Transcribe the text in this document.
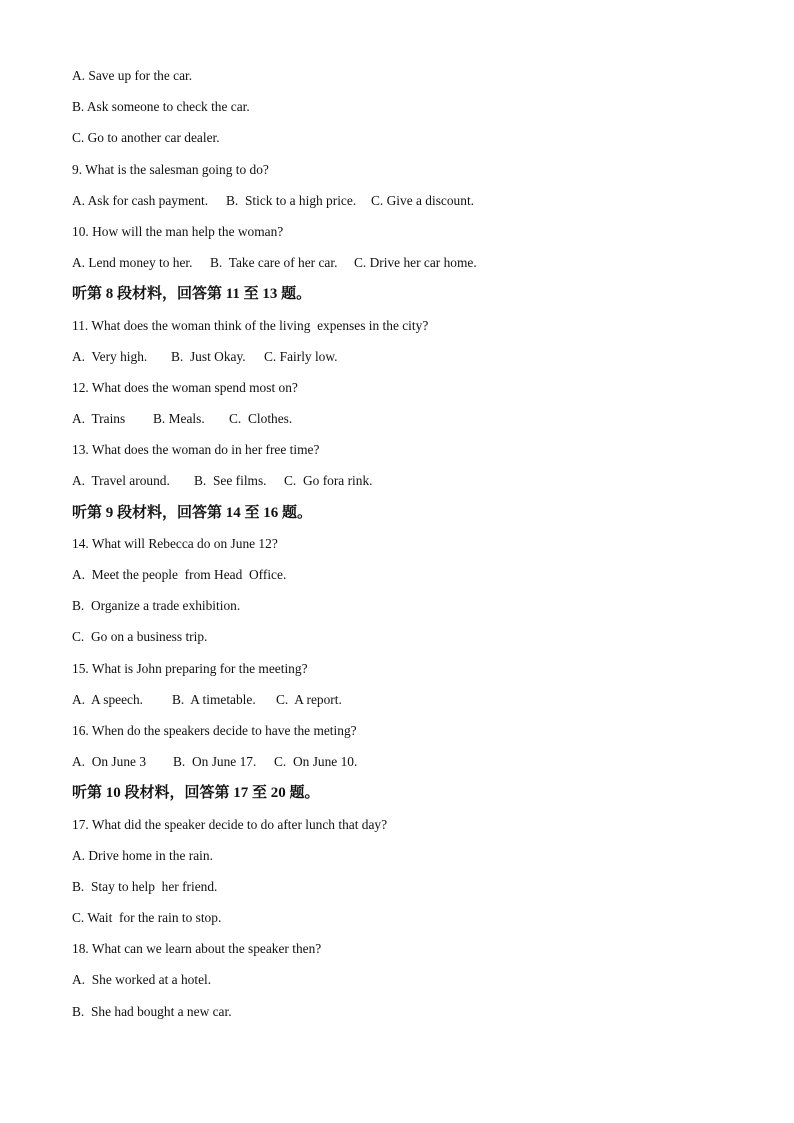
A. Save up for the car.
B. Ask someone to check the car.
C. Go to another car dealer.
9. What is the salesman going to do?
A. Ask for cash payment. B.  Stick to a high price. C. Give a discount.
10. How will the man help the woman?
A. Lend money to her. B.  Take care of her car. C. Drive her car home.
听第 8 段材料，回答第 11 至 13 题。
11. What does the woman think of the living  expenses in the city?
A.  Very high. B.  Just Okay. C. Fairly low.
12. What does the woman spend most on?
A.  Trains B. Meals. C.  Clothes.
13. What does the woman do in her free time?
A.  Travel around. B.  See films. C.  Go fora rink.
听第 9 段材料，回答第 14 至 16 题。
14. What will Rebecca do on June 12?
A.  Meet the people  from Head  Office.
B.  Organize a trade exhibition.
C.  Go on a business trip.
15. What is John preparing for the meeting?
A.  A speech. B.  A timetable. C.  A report.
16. When do the speakers decide to have the meting?
A.  On June 3 B.  On June 17. C.  On June 10.
听第 10 段材料，回答第 17 至 20 题。
17. What did the speaker decide to do after lunch that day?
A. Drive home in the rain.
B.  Stay to help  her friend.
C. Wait  for the rain to stop.
18. What can we learn about the speaker then?
A.  She worked at a hotel.
B.  She had bought a new car.
